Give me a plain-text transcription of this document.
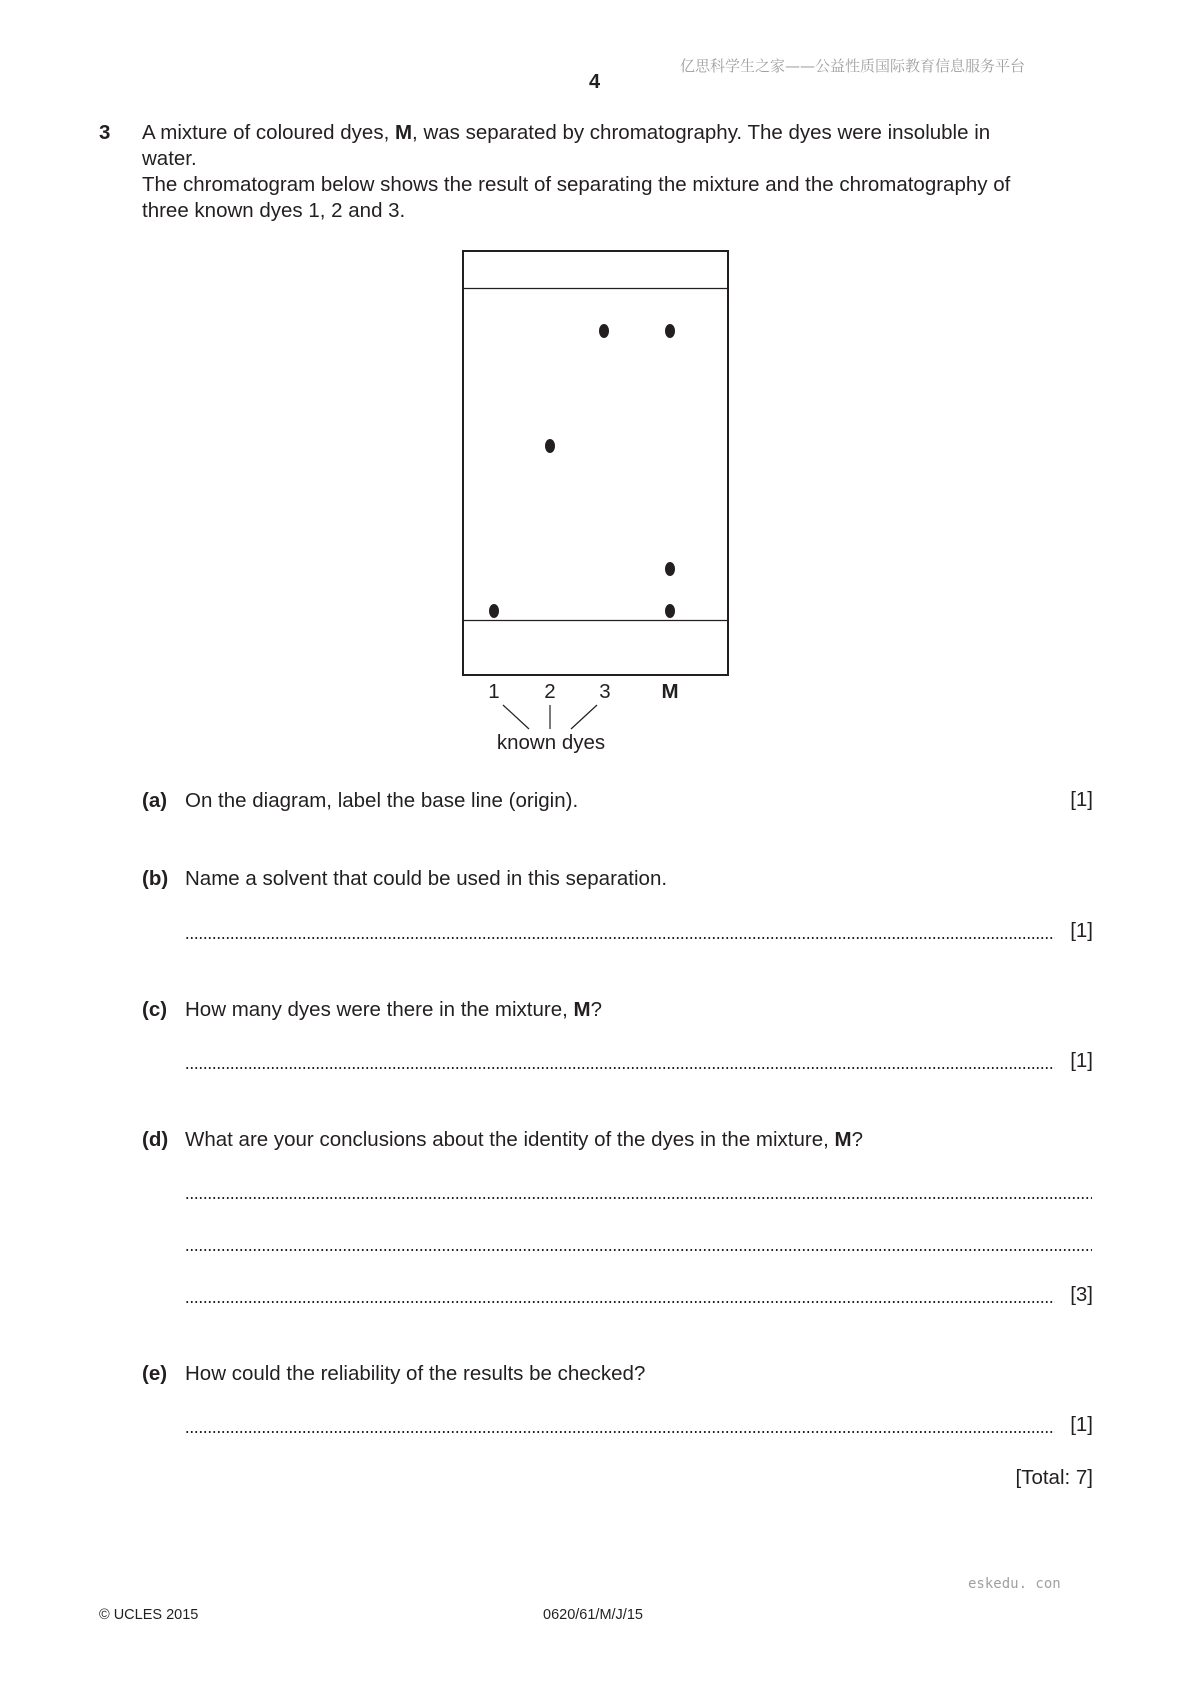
亿思科学生之家——公益性质国际教育信息服务平台
4
3 A mixture of coloured dyes, M, was separated by chromatography. The dyes were insoluble in
water.
The chromatogram below shows the result of separating the mixture and the chromatography of
three known dyes 1, 2 and 3.
1 2 3 M
known dyes
(a) On the diagram, label the base line (origin).	[1]
(b) Name a solvent that could be used in this separation.
[1]
(c) How many dyes were there in the mixture, M?
[1]
(d) What are your conclusions about the identity of the dyes in the mixture, M?
[3]
(e) How could the reliability of the results be checked?
[1]
[Total: 7]
eskedu. con
© UCLES 2015	0620/61/M/J/15
